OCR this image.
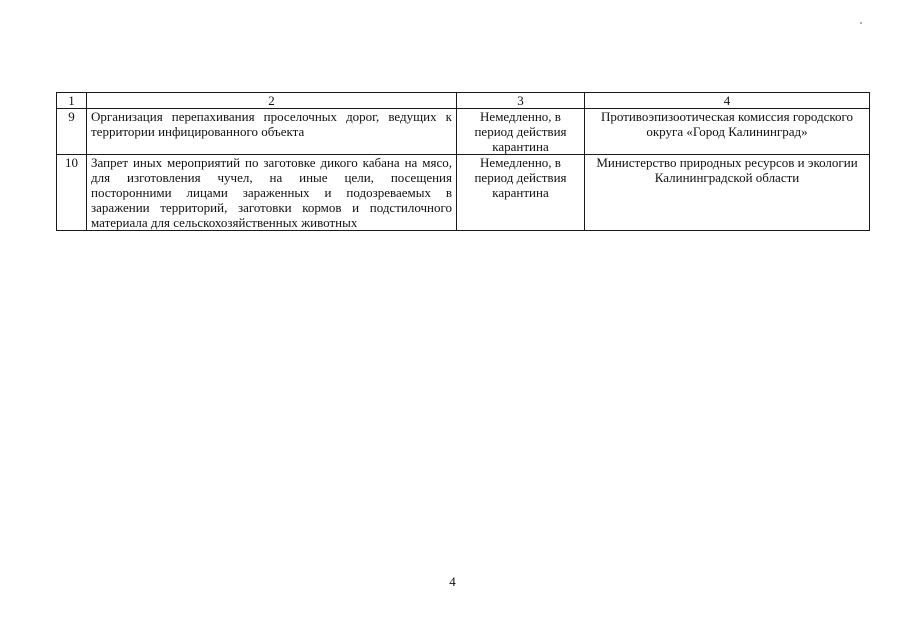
1	2	3	4
9	Организация перепахивания проселочных дорог, ведущих к территории инфицированного объекта	Немедленно, в период действия карантина	Противоэпизоотическая комиссия городского округа «Город Калининград»
10	Запрет иных мероприятий по заготовке дикого кабана на мясо, для изготовления чучел, на иные цели, посещения посторонними лицами зараженных и подозреваемых в заражении территорий, заготовки кормов и подстилочного материала для сельскохозяйственных животных	Немедленно, в период действия карантина	Министерство природных ресурсов и экологии Калининградской области
4
